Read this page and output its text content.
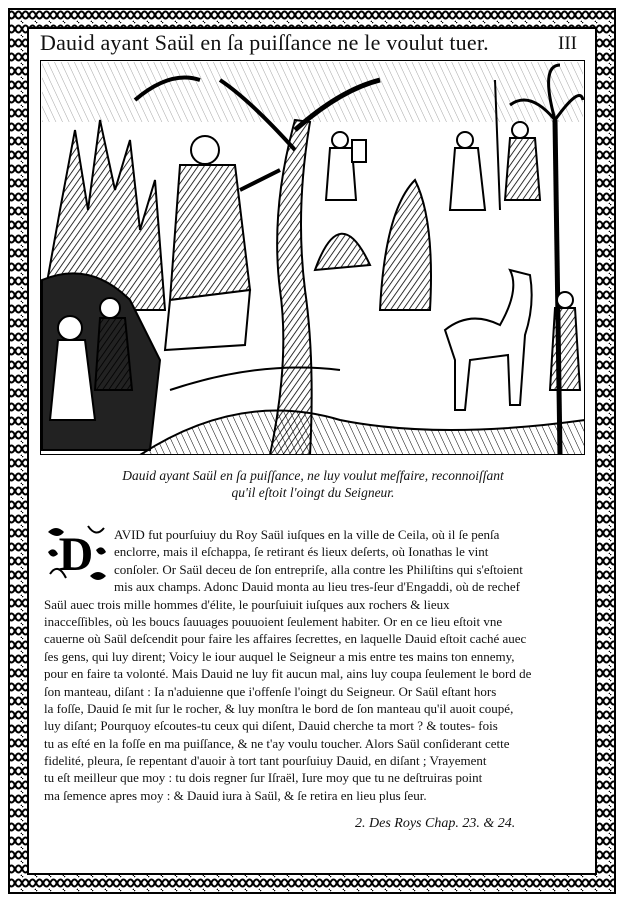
Dauid ayant Saül en ſa puiſſance ne le voulut tuer.	III
Dauid ayant Saül en ſa puiſſance, ne luy voulut meſfaire, reconnoiſſant
qu'il eſtoit l'oingt du Seigneur.
D	AVID fut pourſuiuy du Roy Saül iuſques en la ville de Ceila, où il ſe penſa
enclorre, mais il eſchappa, ſe retirant és lieux deſerts, où Ionathas le vint
conſoler. Or Saül deceu de ſon entrepriſe, alla contre les Philiſtins qui s'eſtoient
mis aux champs. Adonc Dauid monta au lieu tres-ſeur d'Engaddi, où de rechef
Saül auec trois mille hommes d'élite, le pourſuiuit iuſques aux rochers & lieux
inacceſſibles, où les boucs ſauuages pouuoient ſeulement habiter. Or en ce lieu eſtoit vne
cauerne où Saül deſcendit pour faire les affaires ſecrettes, en laquelle Dauid eſtoit caché auec
ſes gens, qui luy dirent; Voicy le iour auquel le Seigneur a mis entre tes mains ton ennemy,
pour en faire ta volonté. Mais Dauid ne luy fit aucun mal, ains luy coupa ſeulement le bord de
ſon manteau, diſant : Ia n'aduienne que i'offenſe l'oingt du Seigneur. Or Saül eſtant hors
la foſſe, Dauid ſe mit ſur le rocher, & luy monſtra le bord de ſon manteau qu'il auoit coupé,
luy diſant; Pourquoy eſcoutes-tu ceux qui diſent, Dauid cherche ta mort ? & toutes- fois
tu as eſté en la foſſe en ma puiſſance, & ne t'ay voulu toucher. Alors Saül conſiderant cette
fidelité, pleura, ſe repentant d'auoir à tort tant pourſuiuy Dauid, en diſant ; Vrayement
tu eſt meilleur que moy : tu dois regner ſur Iſraël, Iure moy que tu ne deſtruiras point
ma ſemence apres moy : & Dauid iura à Saül, & ſe retira en lieu plus ſeur.
2. Des Roys Chap. 23. & 24.
